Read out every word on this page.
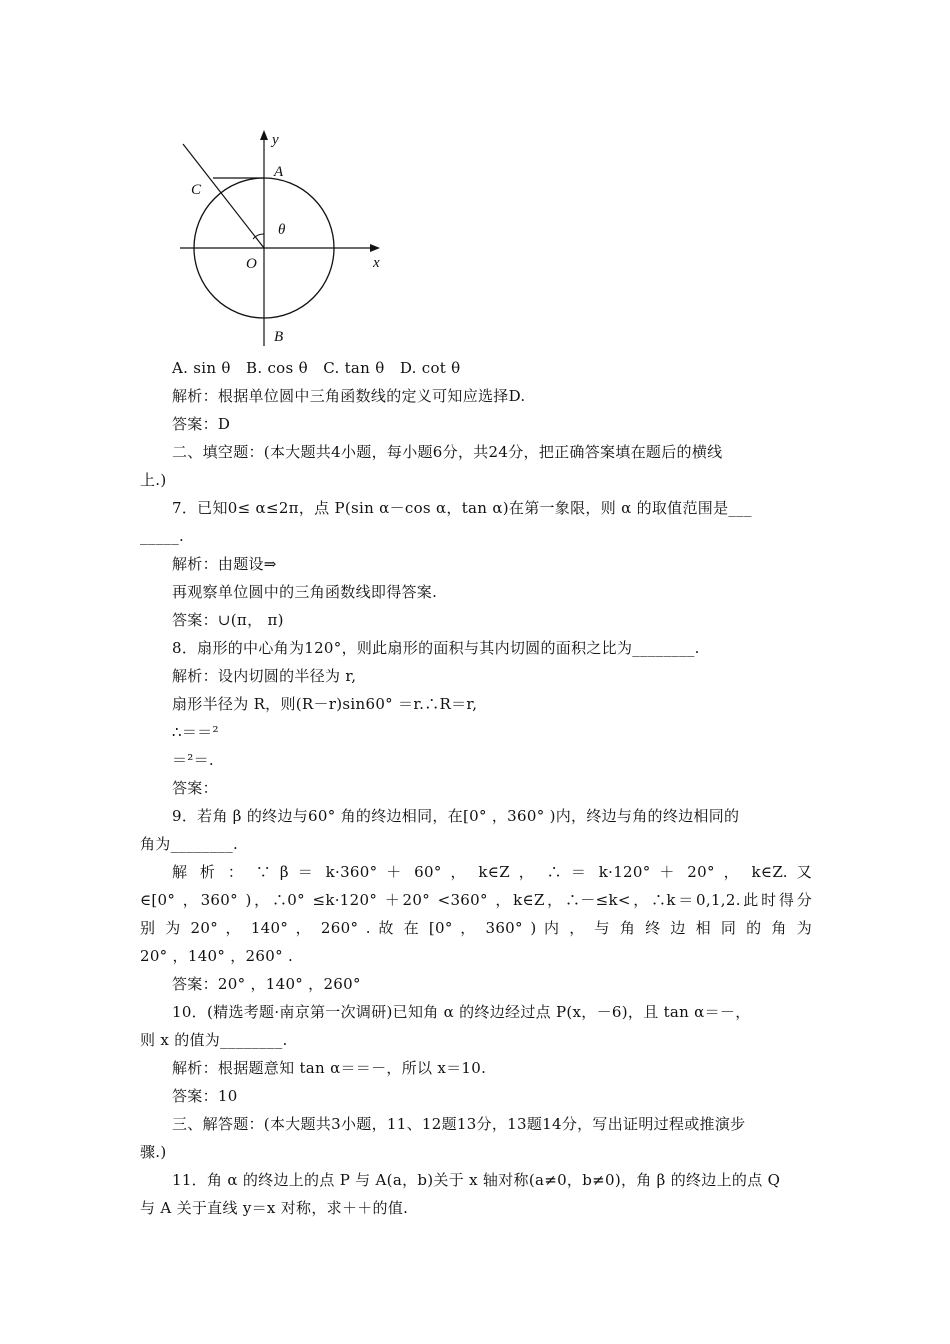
y
x
A
C
θ
O
B
A. sin θ　B. cos θ　C. tan θ　D. cot θ
解析：根据单位圆中三角函数线的定义可知应选择D.
答案：D
二、填空题：(本大题共4小题，每小题6分，共24分，把正确答案填在题后的横线
上.)
7．已知0≤ α≤2π，点 P(sin α－cos α，tan α)在第一象限，则 α 的取值范围是___
_____.
解析：由题设⇒
再观察单位圆中的三角函数线即得答案.
答案：∪(π， π)
8．扇形的中心角为120°，则此扇形的面积与其内切圆的面积之比为________.
解析：设内切圆的半径为 r,
扇形半径为 R，则(R－r)sin60° ＝r.∴R＝r,
∴＝＝²
＝²＝.
答案：
9．若角 β 的终边与60° 角的终边相同，在[0° ，360° )内，终边与角的终边相同的
角为________.
解 析 ： ∵ β ＝ k·360° ＋ 60° ， k∈Z ， ∴ ＝ k·120° ＋ 20° ， k∈Z. 又
∈[0° ，360° )，∴0° ≤k·120° ＋20° <360° ，k∈Z，∴－≤k<，∴k＝0,1,2.此时得分
别 为 20° ， 140° ， 260° . 故 在 [0° ， 360° ) 内 ， 与 角 终 边 相 同 的 角 为
20° ，140° ，260° .
答案：20° ，140° ，260°
10．(精选考题·南京第一次调研)已知角 α 的终边经过点 P(x，－6)，且 tan α＝－，
则 x 的值为________.
解析：根据题意知 tan α＝＝－，所以 x＝10.
答案：10
三、解答题：(本大题共3小题，11、12题13分，13题14分，写出证明过程或推演步
骤.)
11．角 α 的终边上的点 P 与 A(a，b)关于 x 轴对称(a≠0，b≠0)，角 β 的终边上的点 Q
与 A 关于直线 y＝x 对称，求＋＋的值.
